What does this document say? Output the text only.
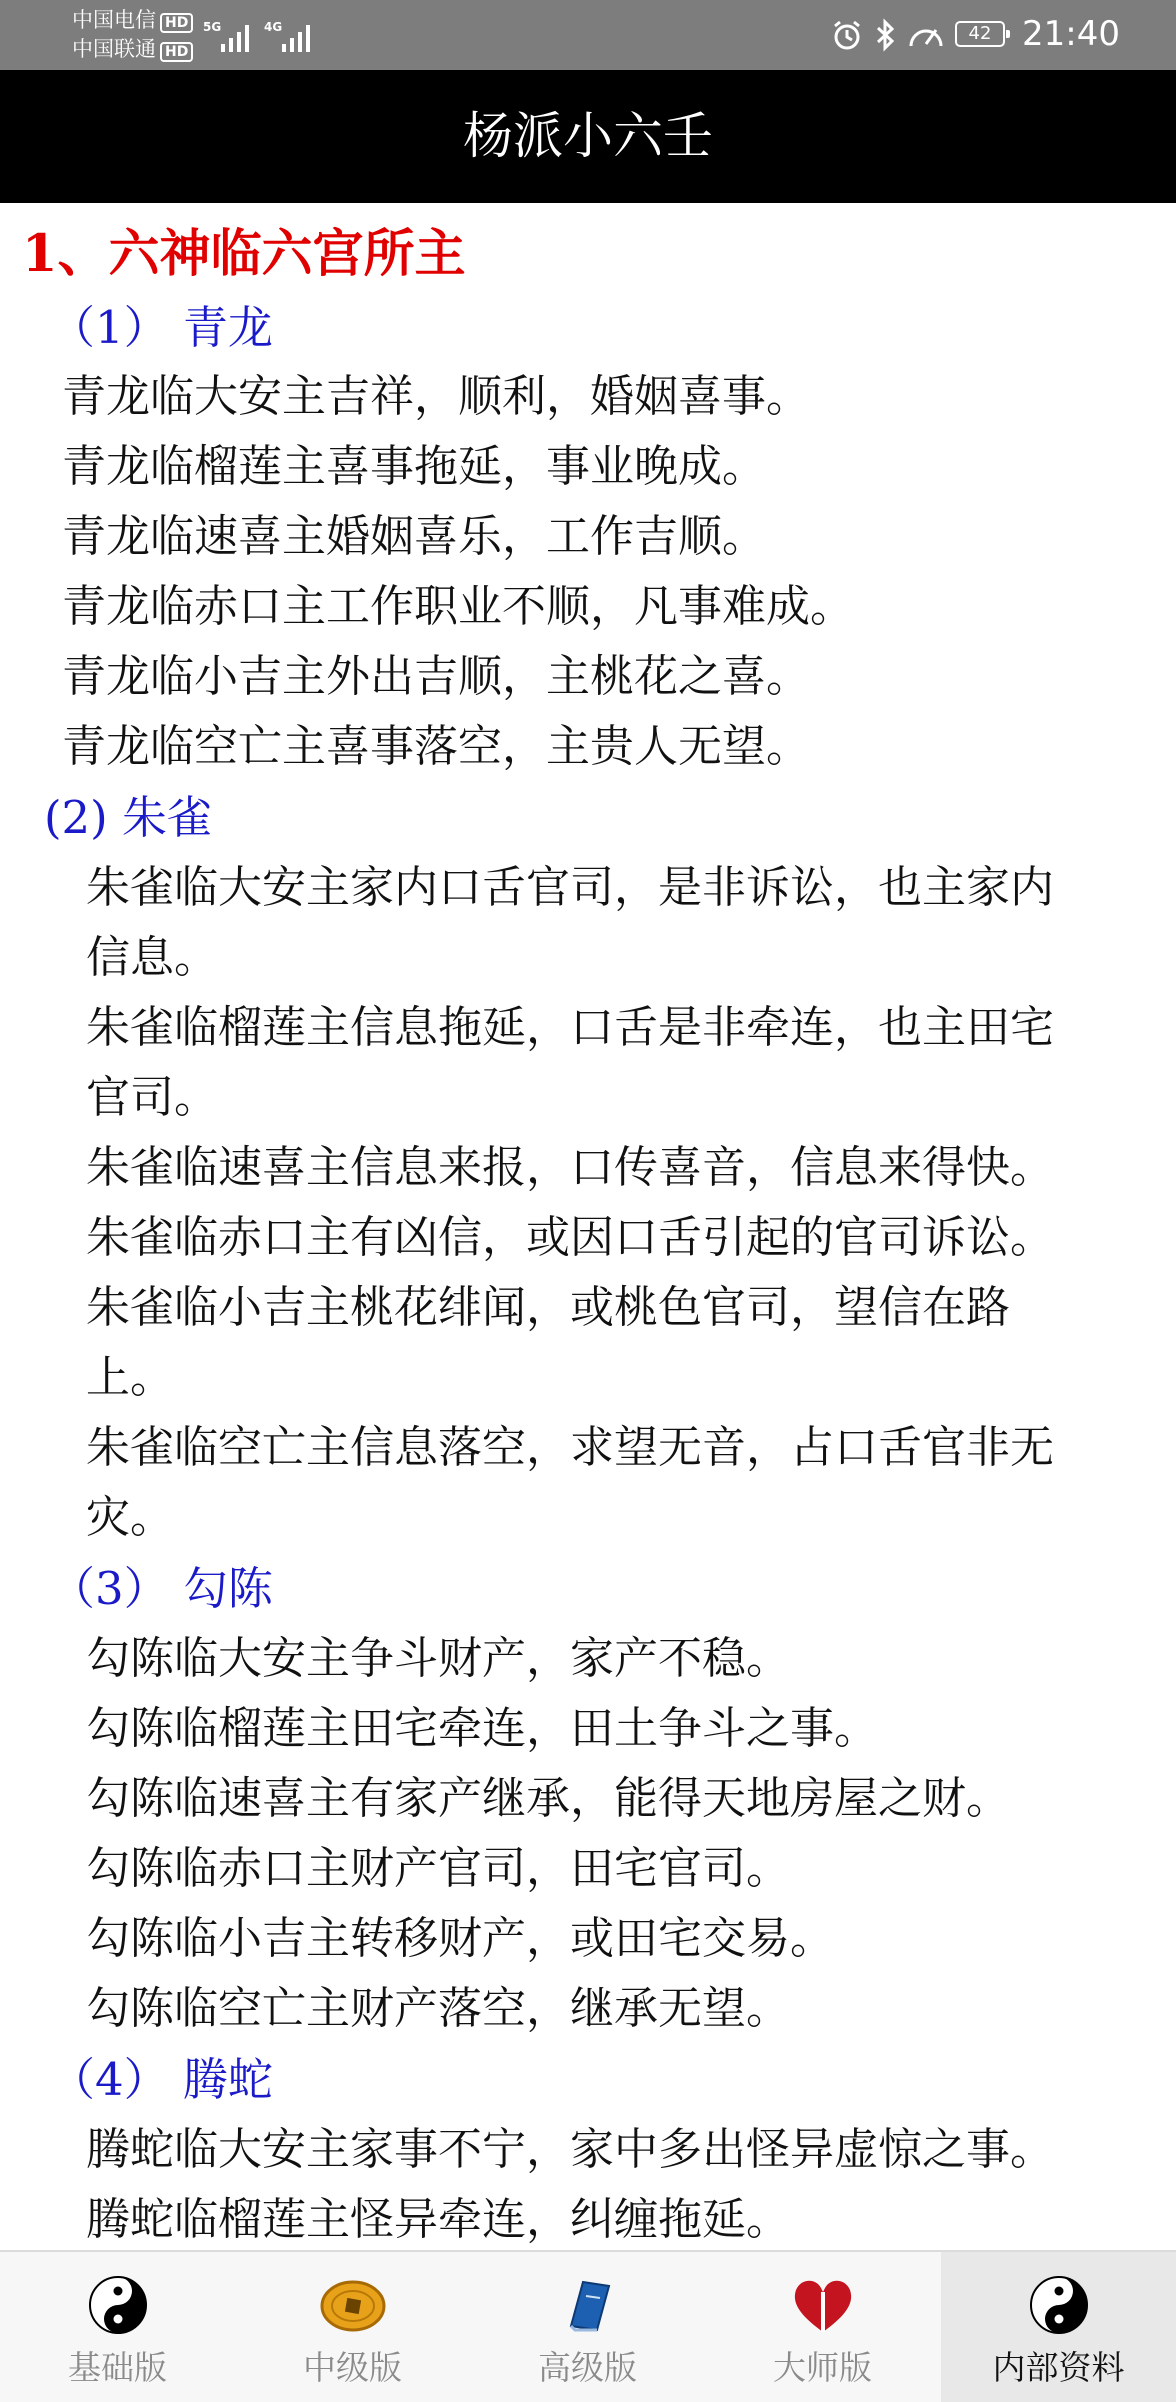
中国电信 HD
中国联通 HD
5G	4G	42 21:40
杨派小六壬
1、六神临六宫所主
（1） 青龙
青龙临大安主吉祥，顺利，婚姻喜事。
青龙临榴莲主喜事拖延，事业晚成。
青龙临速喜主婚姻喜乐，工作吉顺。
青龙临赤口主工作职业不顺，凡事难成。
青龙临小吉主外出吉顺，主桃花之喜。
青龙临空亡主喜事落空，主贵人无望。
(2) 朱雀
朱雀临大安主家内口舌官司，是非诉讼，也主家内
信息。
朱雀临榴莲主信息拖延，口舌是非牵连，也主田宅
官司。
朱雀临速喜主信息来报，口传喜音，信息来得快。
朱雀临赤口主有凶信，或因口舌引起的官司诉讼。
朱雀临小吉主桃花绯闻，或桃色官司，望信在路
上。
朱雀临空亡主信息落空，求望无音，占口舌官非无
灾。
（3） 勾陈
勾陈临大安主争斗财产，家产不稳。
勾陈临榴莲主田宅牵连，田土争斗之事。
勾陈临速喜主有家产继承，能得天地房屋之财。
勾陈临赤口主财产官司，田宅官司。
勾陈临小吉主转移财产，或田宅交易。
勾陈临空亡主财产落空，继承无望。
（4） 腾蛇
腾蛇临大安主家事不宁，家中多出怪异虚惊之事。
腾蛇临榴莲主怪异牵连，纠缠拖延。
基础版	中级版	高级版	大师版	内部资料
